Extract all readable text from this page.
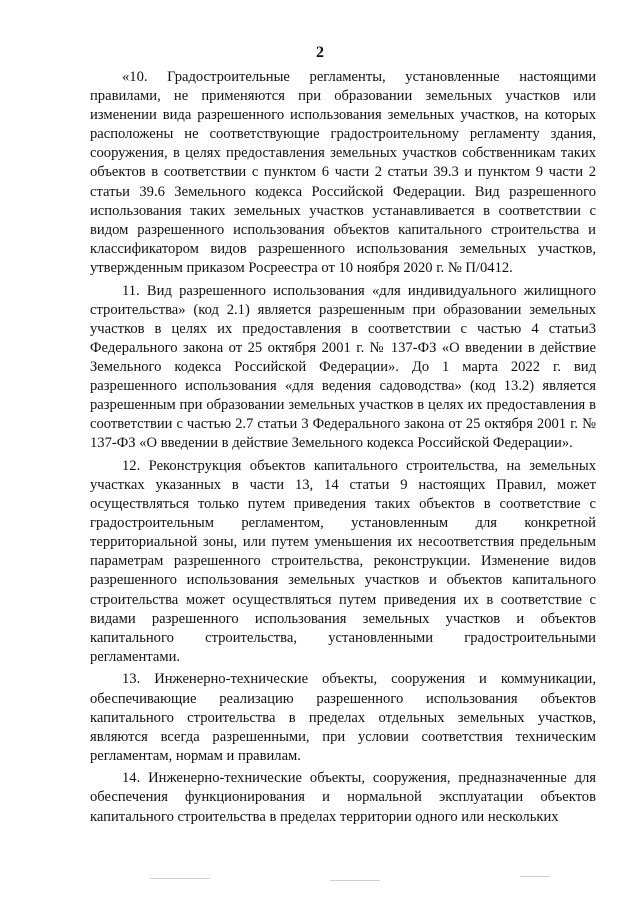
2

«10. Градостроительные регламенты, установленные настоящими правилами, не применяются при образовании земельных участков или изменении вида разрешенного использования земельных участков, на которых расположены не соответствующие градостроительному регламенту здания, сооружения, в целях предоставления земельных участков собственникам таких объектов в соответствии с пунктом 6 части 2 статьи 39.3 и пунктом 9 части 2 статьи 39.6 Земельного кодекса Российской Федерации. Вид разрешенного использования таких земельных участков устанавливается в соответствии с видом разрешенного использования объектов капитального строительства и классификатором видов разрешенного использования земельных участков, утвержденным приказом Росреестра от 10 ноября 2020 г. № П/0412.

11. Вид разрешенного использования «для индивидуального жилищного строительства» (код 2.1) является разрешенным при образовании земельных участков в целях их предоставления в соответствии с частью 4 статьи3 Федерального закона от 25 октября 2001 г. № 137-ФЗ «О введении в действие Земельного кодекса Российской Федерации». До 1 марта 2022 г. вид разрешенного использования «для ведения садоводства» (код 13.2) является разрешенным при образовании земельных участков в целях их предоставления в соответствии с частью 2.7 статьи 3 Федерального закона от 25 октября 2001 г. № 137-ФЗ «О введении в действие Земельного кодекса Российской Федерации».

12. Реконструкция объектов капитального строительства, на земельных участках указанных в части 13, 14 статьи 9 настоящих Правил, может осуществляться только путем приведения таких объектов в соответствие с градостроительным регламентом, установленным для конкретной территориальной зоны, или путем уменьшения их несоответствия предельным параметрам разрешенного строительства, реконструкции. Изменение видов разрешенного использования земельных участков и объектов капитального строительства может осуществляться путем приведения их в соответствие с видами разрешенного использования земельных участков и объектов капитального строительства, установленными градостроительными регламентами.

13. Инженерно-технические объекты, сооружения и коммуникации, обеспечивающие реализацию разрешенного использования объектов капитального строительства в пределах отдельных земельных участков, являются всегда разрешенными, при условии соответствия техническим регламентам, нормам и правилам.

14. Инженерно-технические объекты, сооружения, предназначенные для обеспечения функционирования и нормальной эксплуатации объектов капитального строительства в пределах территории одного или нескольких
